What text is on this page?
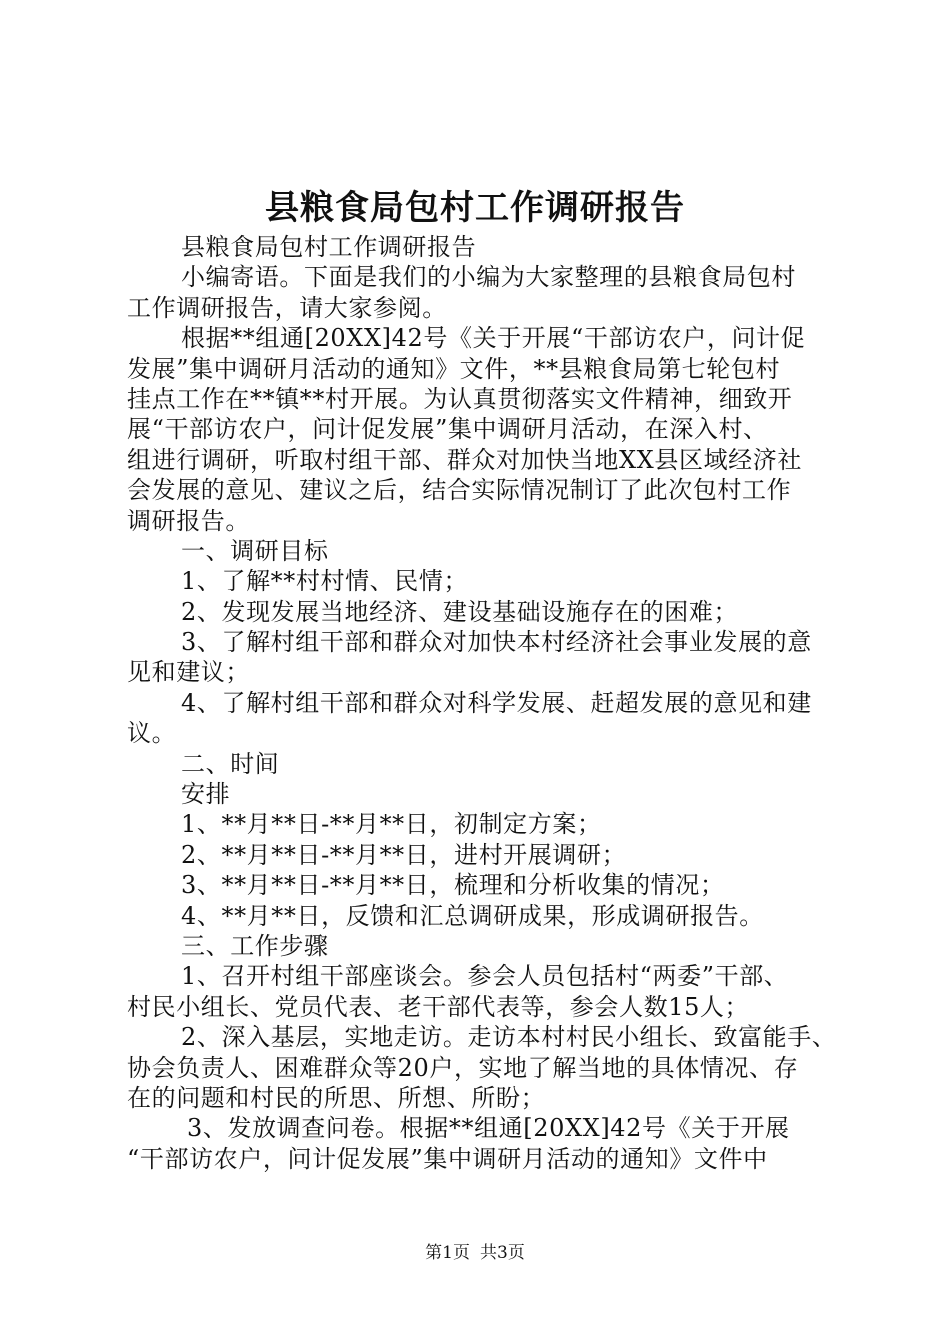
县粮食局包村工作调研报告
县粮食局包村工作调研报告
小编寄语。下面是我们的小编为大家整理的县粮食局包村
工作调研报告，请大家参阅。
根据**组通[20XX]42号《关于开展“干部访农户，问计促
发展”集中调研月活动的通知》文件，**县粮食局第七轮包村
挂点工作在**镇**村开展。为认真贯彻落实文件精神，细致开
展“干部访农户，问计促发展”集中调研月活动，在深入村、
组进行调研，听取村组干部、群众对加快当地XX县区域经济社
会发展的意见、建议之后，结合实际情况制订了此次包村工作
调研报告。
一、调研目标
1、了解**村村情、民情；
2、发现发展当地经济、建设基础设施存在的困难；
3、了解村组干部和群众对加快本村经济社会事业发展的意
见和建议；
4、了解村组干部和群众对科学发展、赶超发展的意见和建
议。
二、时间
安排
1、**月**日-**月**日，初制定方案；
2、**月**日-**月**日，进村开展调研；
3、**月**日-**月**日，梳理和分析收集的情况；
4、**月**日，反馈和汇总调研成果，形成调研报告。
三、工作步骤
1、召开村组干部座谈会。参会人员包括村“两委”干部、
村民小组长、党员代表、老干部代表等，参会人数15人；
2、深入基层，实地走访。走访本村村民小组长、致富能手、
协会负责人、困难群众等20户，实地了解当地的具体情况、存
在的问题和村民的所思、所想、所盼；
3、发放调查问卷。根据**组通[20XX]42号《关于开展
“干部访农户，问计促发展”集中调研月活动的通知》文件中
第1页 共3页
